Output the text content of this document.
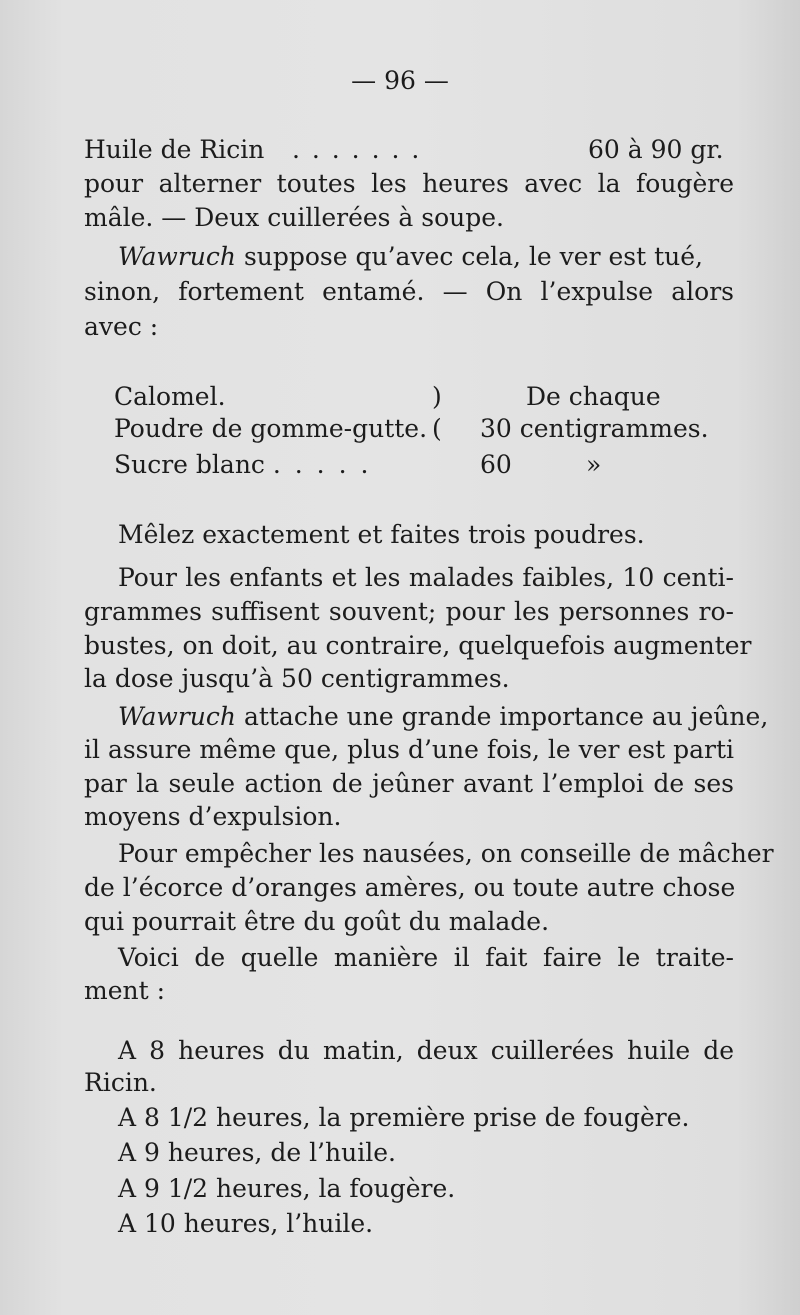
— 96 —
Huile de Ricin . . . . . . .	60 à 90 gr.
pour alterner toutes les heures avec la fougère
mâle. — Deux cuillerées à soupe.
Wawruch suppose qu’avec cela, le ver est tué,
sinon, fortement entamé. — On l’expulse alors
avec :
Calomel.
Poudre de gomme-gutte.
Sucre blanc . . . . .
)
(
De chaque
30 centigrammes.
60	»
Mêlez exactement et faites trois poudres.
Pour les enfants et les malades faibles, 10 centi-
grammes suffisent souvent; pour les personnes ro-
bustes, on doit, au contraire, quelquefois augmenter
la dose jusqu’à 50 centigrammes.
Wawruch attache une grande importance au jeûne,
il assure même que, plus d’une fois, le ver est parti
par la seule action de jeûner avant l’emploi de ses
moyens d’expulsion.
Pour empêcher les nausées, on conseille de mâcher
de l’écorce d’oranges amères, ou toute autre chose
qui pourrait être du goût du malade.
Voici de quelle manière il fait faire le traite-
ment :
A 8 heures du matin, deux cuillerées huile de
Ricin.
A 8 1/2 heures, la première prise de fougère.
A 9 heures, de l’huile.
A 9 1/2 heures, la fougère.
A 10 heures, l’huile.
